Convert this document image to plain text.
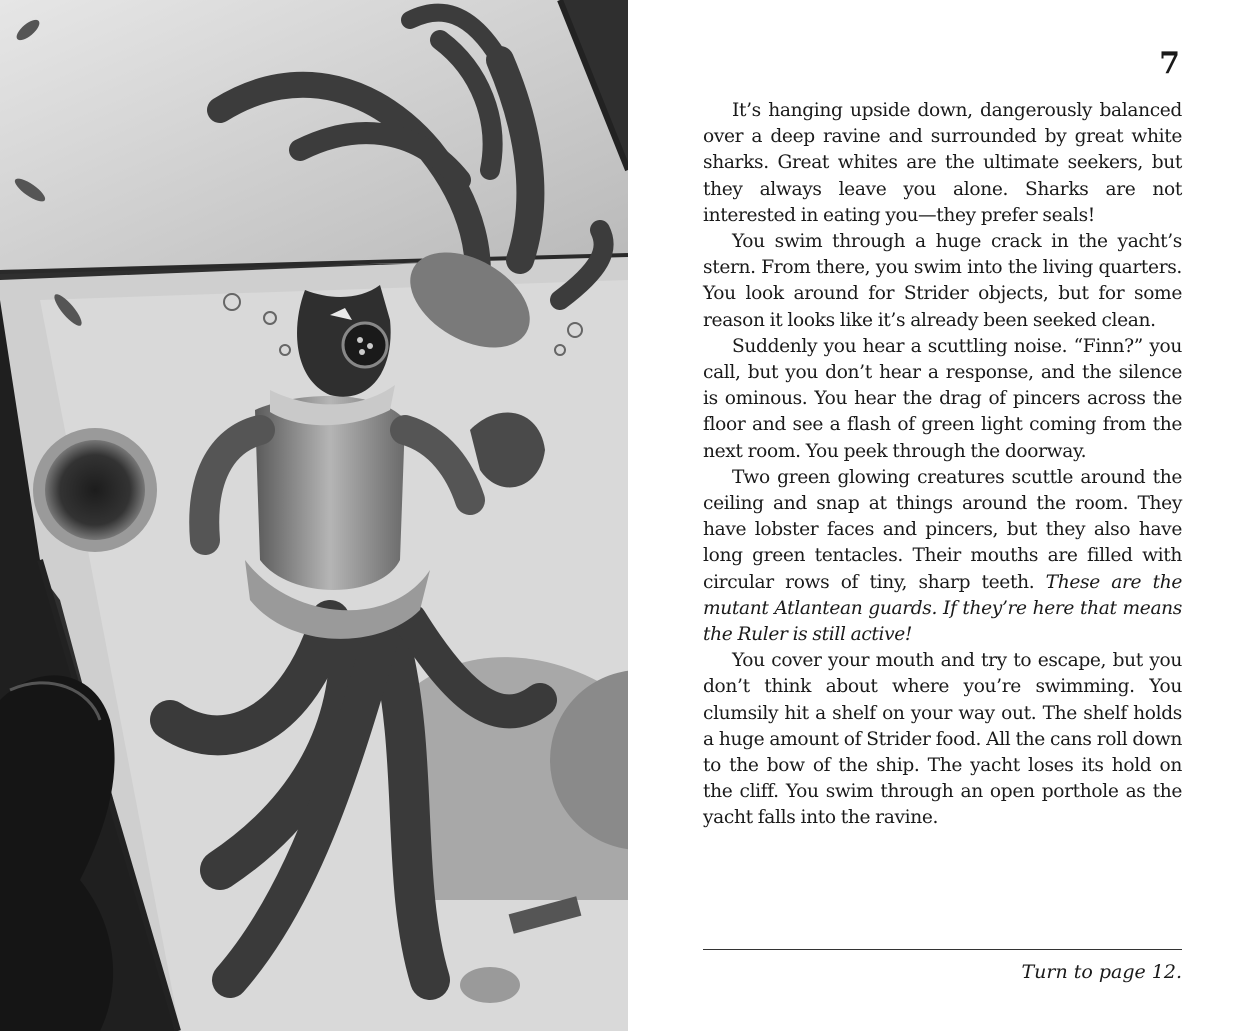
7

It’s hanging upside down, dangerously balanced over a deep ravine and surrounded by great white sharks. Great whites are the ultimate seekers, but they always leave you alone. Sharks are not interested in eating you—they prefer seals!

You swim through a huge crack in the yacht’s stern. From there, you swim into the living quarters. You look around for Strider objects, but for some reason it looks like it’s already been seeked clean.

Suddenly you hear a scuttling noise. “Finn?” you call, but you don’t hear a response, and the silence is ominous. You hear the drag of pincers across the floor and see a flash of green light coming from the next room. You peek through the doorway.

Two green glowing creatures scuttle around the ceiling and snap at things around the room. They have lobster faces and pincers, but they also have long green tentacles. Their mouths are filled with circular rows of tiny, sharp teeth. These are the mutant Atlantean guards. If they’re here that means the Ruler is still active!

You cover your mouth and try to escape, but you don’t think about where you’re swimming. You clumsily hit a shelf on your way out. The shelf holds a huge amount of Strider food. All the cans roll down to the bow of the ship. The yacht loses its hold on the cliff. You swim through an open porthole as the yacht falls into the ravine.

Turn to page 12.
